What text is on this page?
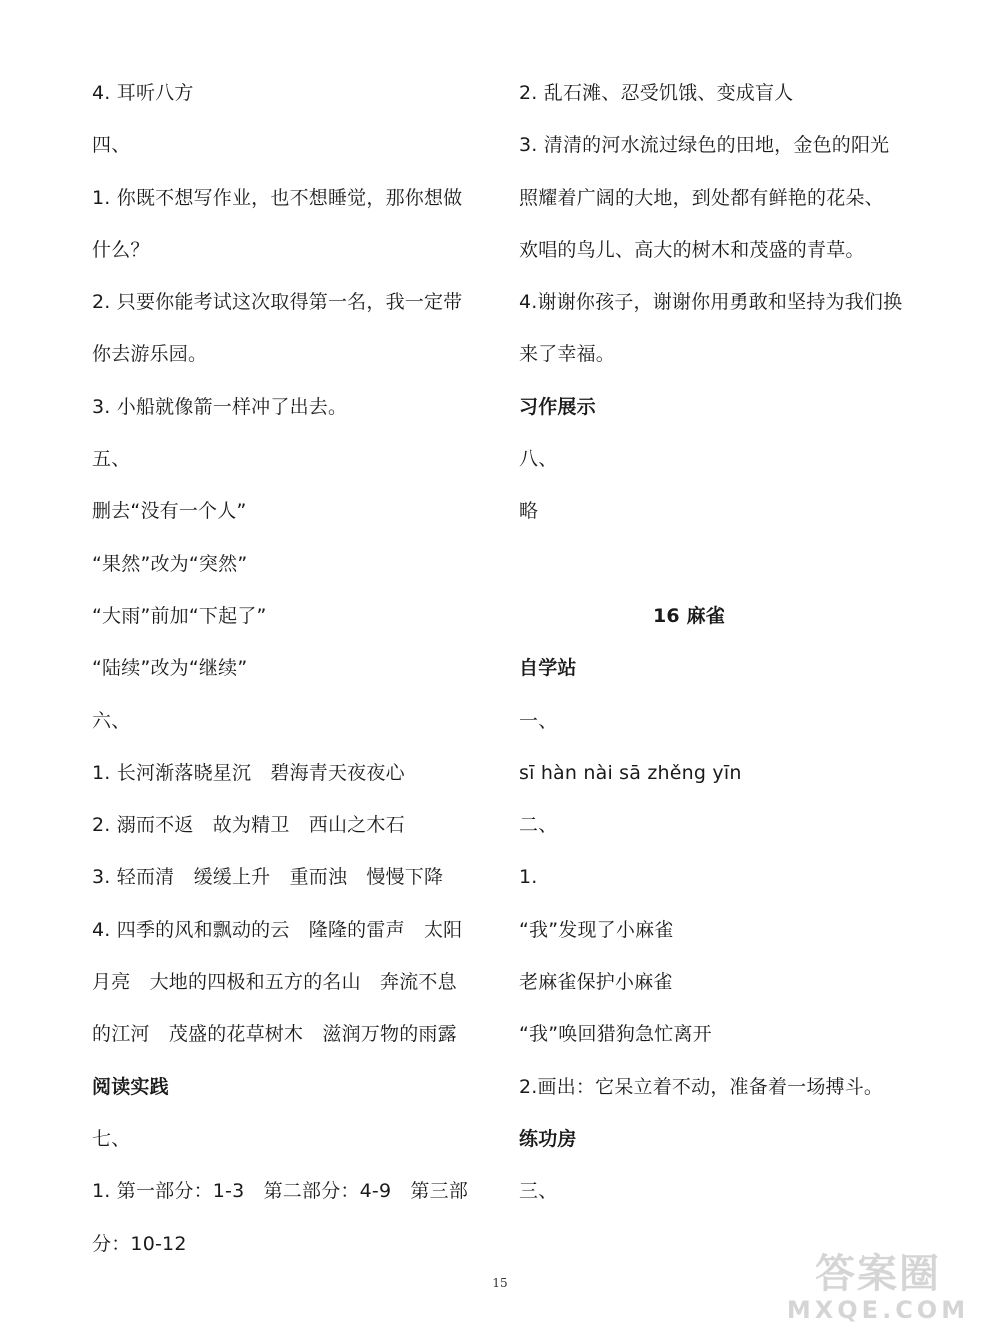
4. 耳听八方
四、
1. 你既不想写作业，也不想睡觉，那你想做
什么？
2. 只要你能考试这次取得第一名，我一定带
你去游乐园。
3. 小船就像箭一样冲了出去。
五、
删去“没有一个人”
“果然”改为“突然”
“大雨”前加“下起了”
“陆续”改为“继续”
六、
1. 长河渐落晓星沉　碧海青天夜夜心
2. 溺而不返　故为精卫　西山之木石
3. 轻而清　缓缓上升　重而浊　慢慢下降
4. 四季的风和飘动的云　隆隆的雷声　太阳
月亮　大地的四极和五方的名山　奔流不息
的江河　茂盛的花草树木　滋润万物的雨露
阅读实践
七、
1. 第一部分：1-3　第二部分：4-9　第三部
分：10-12
2. 乱石滩、忍受饥饿、变成盲人
3. 清清的河水流过绿色的田地，金色的阳光
照耀着广阔的大地，到处都有鲜艳的花朵、
欢唱的鸟儿、高大的树木和茂盛的青草。
4.谢谢你孩子，谢谢你用勇敢和坚持为我们换
来了幸福。
习作展示
八、
略
16 麻雀
自学站
一、
sī hàn nài sā zhěng yīn
二、
1.
“我”发现了小麻雀
老麻雀保护小麻雀
“我”唤回猎狗急忙离开
2.画出：它呆立着不动，准备着一场搏斗。
练功房
三、
15	答案圈
MXQE.COM
